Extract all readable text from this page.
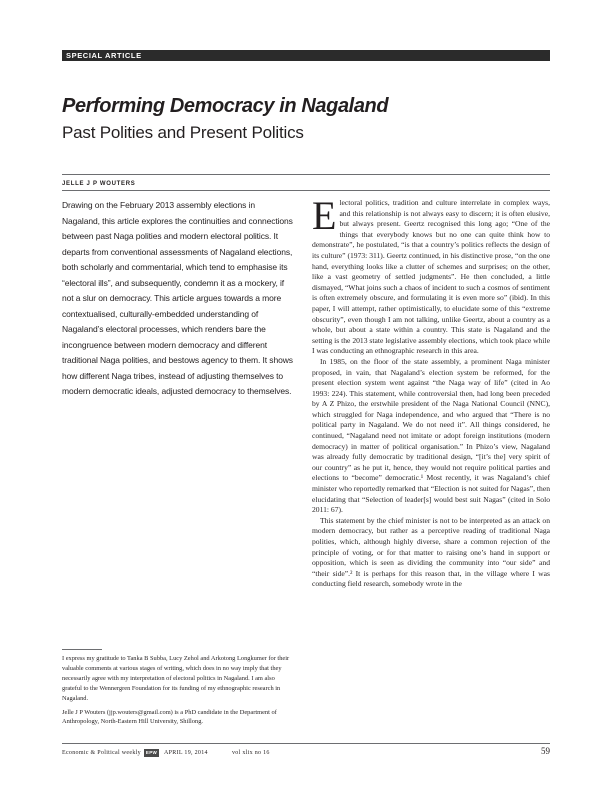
SPECIAL ARTICLE
Performing Democracy in Nagaland
Past Polities and Present Politics
JELLE J P WOUTERS

Drawing on the February 2013 assembly elections in Nagaland, this article explores the continuities and connections between past Naga polities and modern electoral politics. It departs from conventional assessments of Nagaland elections, both scholarly and commentarial, which tend to emphasise its “electoral ills”, and subsequently, condemn it as a mockery, if not a slur on democracy. This article argues towards a more contextualised, culturally-embedded understanding of Nagaland’s electoral processes, which renders bare the incongruence between modern democracy and different traditional Naga polities, and bestows agency to them. It shows how different Naga tribes, instead of adjusting themselves to modern democratic ideals, adjusted democracy to themselves.

I express my gratitude to Tanka B Subba, Lucy Zehol and Arkotong Longkumer for their valuable comments at various stages of writing, which does in no way imply that they necessarily agree with my interpretation of electoral politics in Nagaland. I am also grateful to the Wennergren Foundation for its funding of my ethnographic research in Nagaland.

Jelle J P Wouters (jjp.wouters@gmail.com) is a PhD candidate in the Department of Anthropology, North-Eastern Hill University, Shillong.

Electoral politics, tradition and culture interrelate in complex ways, and this relationship is not always easy to discern; it is often elusive, but always present. Geertz recognised this long ago; “One of the things that everybody knows but no one can quite think how to demonstrate”, he postulated, “is that a country’s politics reflects the design of its culture” (1973: 311). Geertz continued, in his distinctive prose, “on the one hand, everything looks like a clutter of schemes and surprises; on the other, like a vast geometry of settled judgments”. He then concluded, a little dismayed, “What joins such a chaos of incident to such a cosmos of sentiment is often extremely obscure, and formulating it is even more so” (ibid). In this paper, I will attempt, rather optimistically, to elucidate some of this “extreme obscurity”, even though I am not talking, unlike Geertz, about a country as a whole, but about a state within a country. This state is Nagaland and the setting is the 2013 state legislative assembly elections, which took place while I was conducting an ethnographic research in this area.

In 1985, on the floor of the state assembly, a prominent Naga minister proposed, in vain, that Nagaland’s election system be reformed, for the present election system went against “the Naga way of life” (cited in Ao 1993: 224). This statement, while controversial then, had long been preceded by A Z Phizo, the erstwhile president of the Naga National Council (NNC), which struggled for Naga independence, and who argued that “There is no political party in Nagaland. We do not need it”. All things considered, he continued, “Nagaland need not imitate or adopt foreign institutions (modern democracy) in matter of political organisation.” In Phizo’s view, Nagaland was already fully democratic by traditional design, “[it’s the] very spirit of our country” as he put it, hence, they would not require political parties and elections to “become” democratic.¹ Most recently, it was Nagaland’s chief minister who reportedly remarked that “Election is not suited for Nagas”, then elucidating that “Selection of leader[s] would best suit Nagas” (cited in Solo 2011: 67).

This statement by the chief minister is not to be interpreted as an attack on modern democracy, but rather as a perceptive reading of traditional Naga polities, which, although highly diverse, share a common rejection of the principle of voting, or for that matter to raising one’s hand in support or opposition, which is seen as dividing the community into “our side” and “their side”.² It is perhaps for this reason that, in the village where I was conducting field research, somebody wrote in the

Economic & Political weekly	EPW	APRIL 19, 2014	vol xlix no 16	59
